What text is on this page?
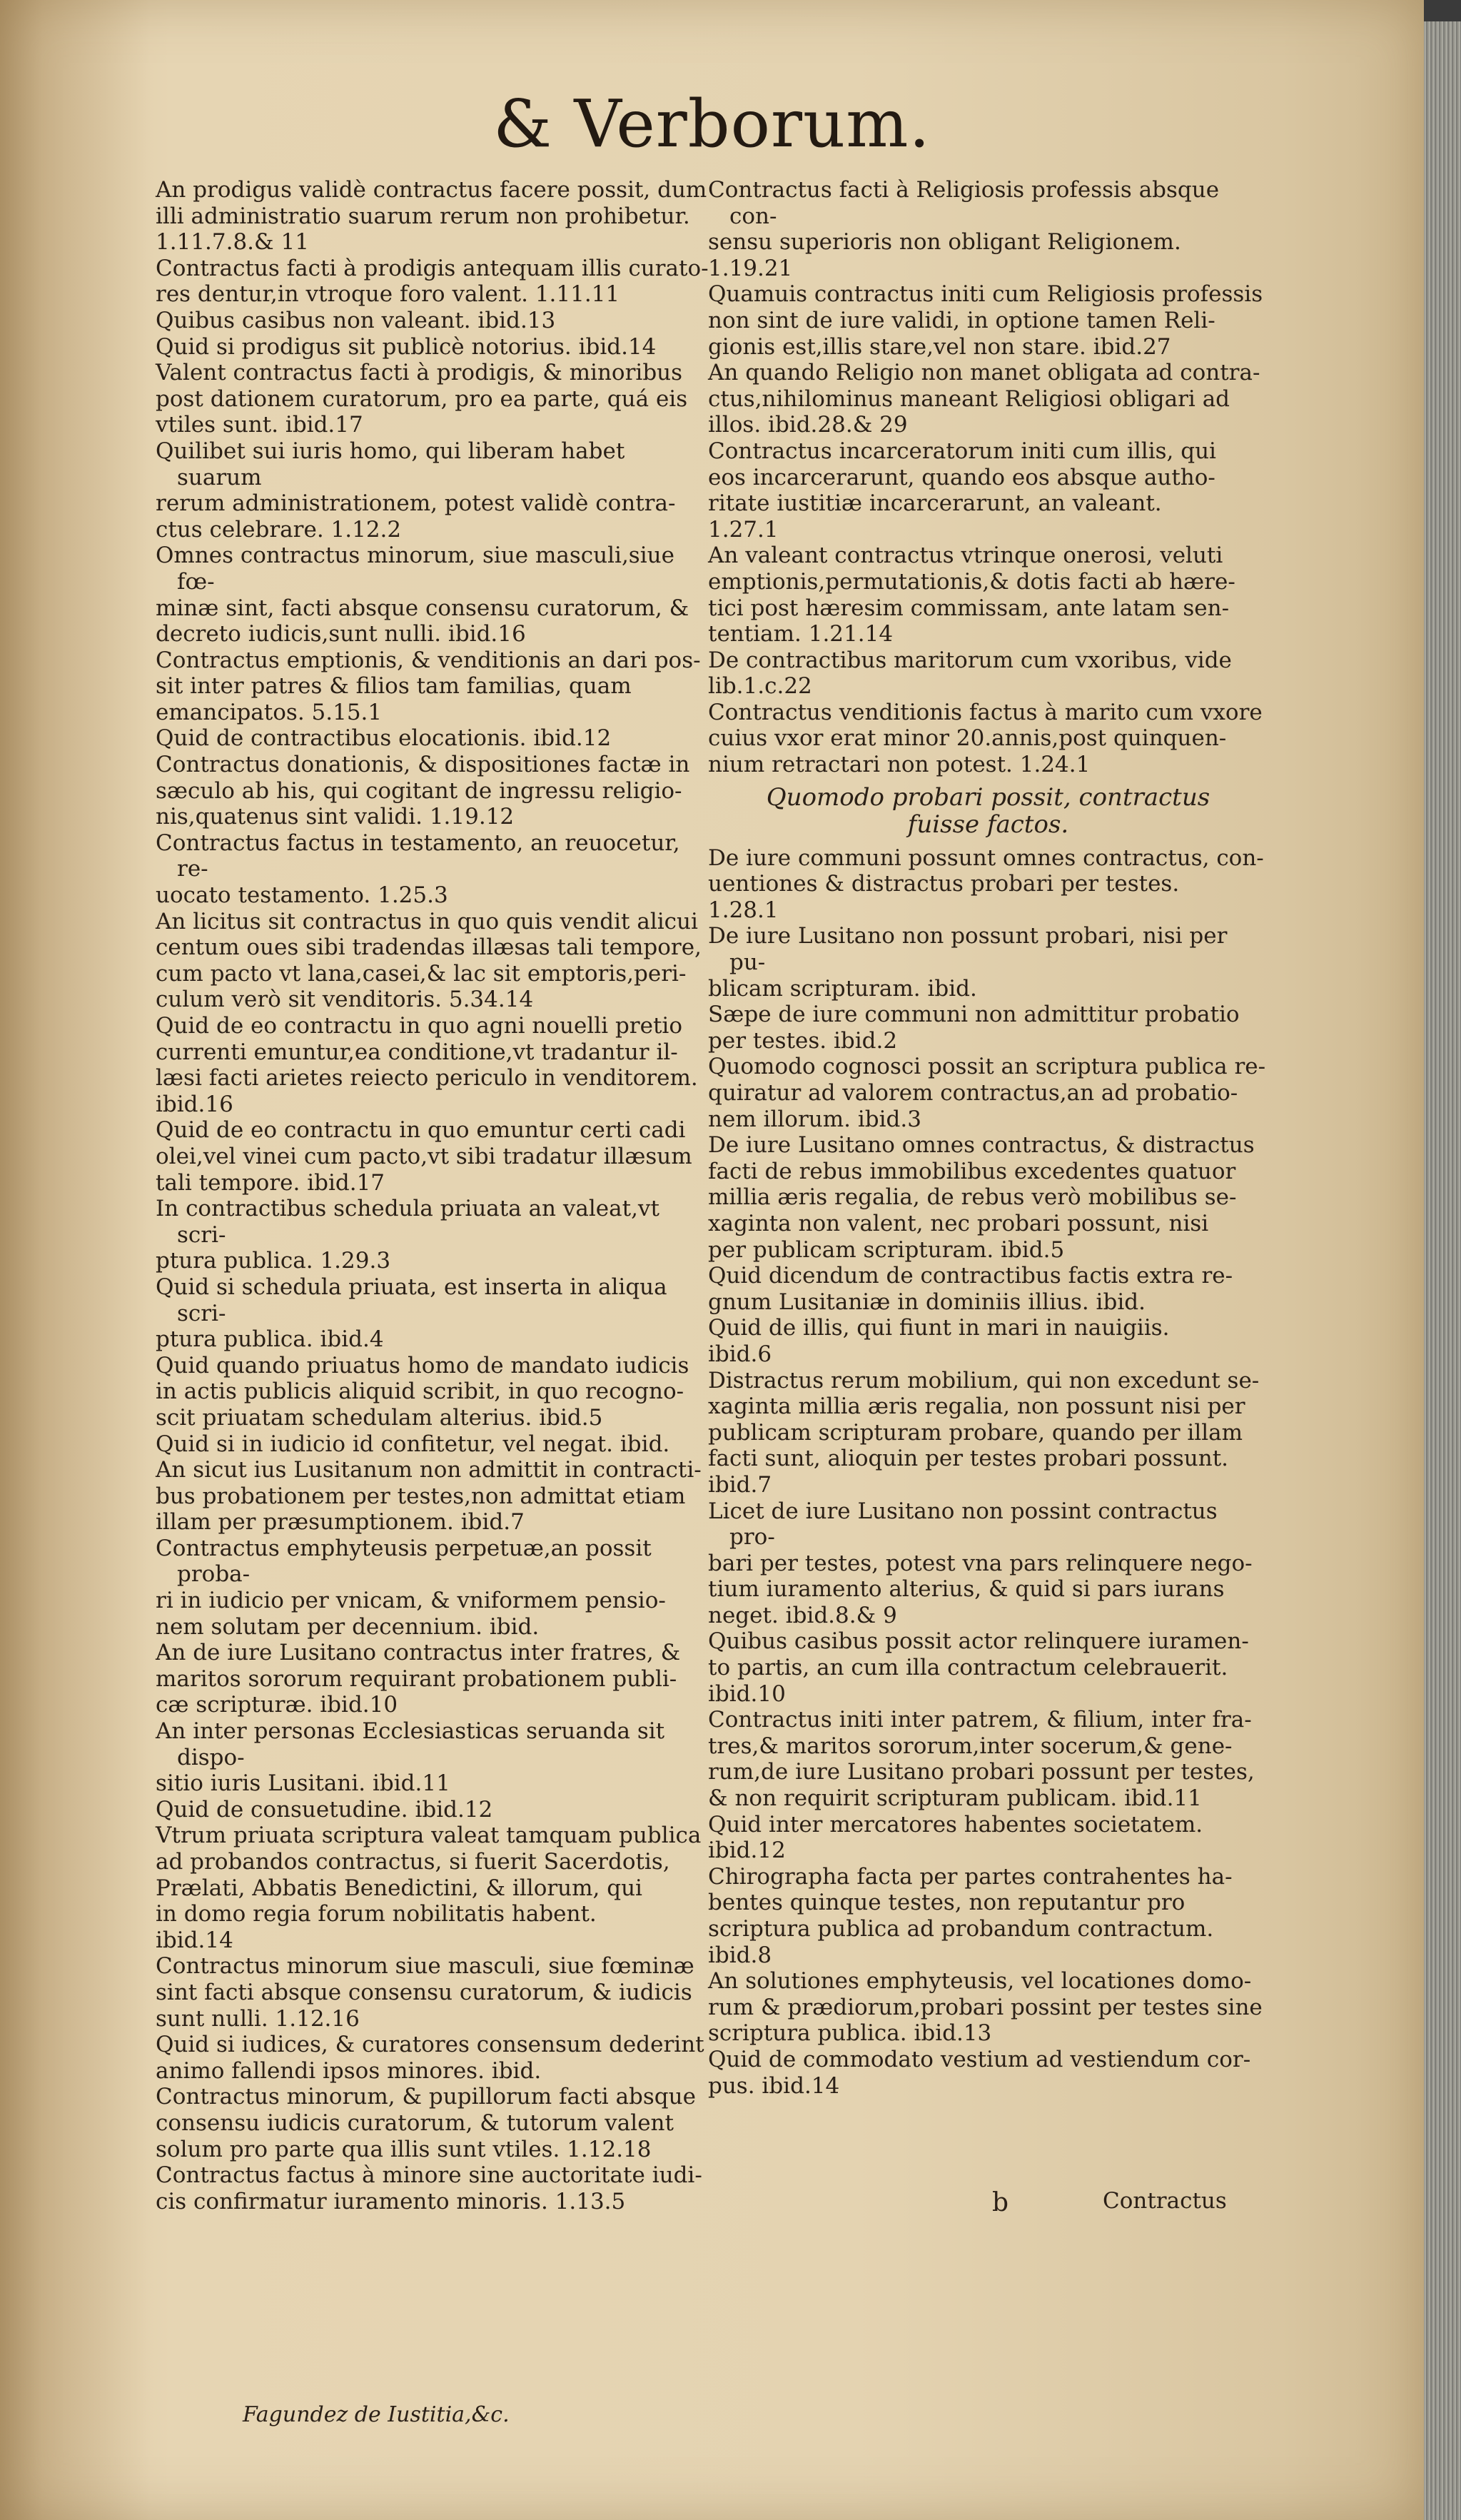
& Verborum.
An prodigus validè contractus facere possit, dum
illi administratio suarum rerum non prohibetur.
1.11.7.8.& 11
Contractus facti à prodigis antequam illis curato-
res dentur,in vtroque foro valent. 1.11.11
Quibus casibus non valeant. ibid.13
Quid si prodigus sit publicè notorius. ibid.14
Valent contractus facti à prodigis, & minoribus
post dationem curatorum, pro ea parte, quá eis
vtiles sunt. ibid.17
Quilibet sui iuris homo, qui liberam habet suarum
rerum administrationem, potest validè contra-
ctus celebrare. 1.12.2
Omnes contractus minorum, siue masculi,siue fœ-
minæ sint, facti absque consensu curatorum, &
decreto iudicis,sunt nulli. ibid.16
Contractus emptionis, & venditionis an dari pos-
sit inter patres & filios tam familias, quam
emancipatos. 5.15.1
Quid de contractibus elocationis. ibid.12
Contractus donationis, & dispositiones factæ in
sæculo ab his, qui cogitant de ingressu religio-
nis,quatenus sint validi. 1.19.12
Contractus factus in testamento, an reuocetur, re-
uocato testamento. 1.25.3
An licitus sit contractus in quo quis vendit alicui
centum oues sibi tradendas illæsas tali tempore,
cum pacto vt lana,casei,& lac sit emptoris,peri-
culum verò sit venditoris. 5.34.14
Quid de eo contractu in quo agni nouelli pretio
currenti emuntur,ea conditione,vt tradantur il-
læsi facti arietes reiecto periculo in venditorem.
ibid.16
Quid de eo contractu in quo emuntur certi cadi
olei,vel vinei cum pacto,vt sibi tradatur illæsum
tali tempore. ibid.17
In contractibus schedula priuata an valeat,vt scri-
ptura publica. 1.29.3
Quid si schedula priuata, est inserta in aliqua scri-
ptura publica. ibid.4
Quid quando priuatus homo de mandato iudicis
in actis publicis aliquid scribit, in quo recogno-
scit priuatam schedulam alterius. ibid.5
Quid si in iudicio id confitetur, vel negat. ibid.
An sicut ius Lusitanum non admittit in contracti-
bus probationem per testes,non admittat etiam
illam per præsumptionem. ibid.7
Contractus emphyteusis perpetuæ,an possit proba-
ri in iudicio per vnicam, & vniformem pensio-
nem solutam per decennium. ibid.
An de iure Lusitano contractus inter fratres, &
maritos sororum requirant probationem publi-
cæ scripturæ. ibid.10
An inter personas Ecclesiasticas seruanda sit dispo-
sitio iuris Lusitani. ibid.11
Quid de consuetudine. ibid.12
Vtrum priuata scriptura valeat tamquam publica
ad probandos contractus, si fuerit Sacerdotis,
Prælati, Abbatis Benedictini, & illorum, qui
in domo regia forum nobilitatis habent.
ibid.14
Contractus minorum siue masculi, siue fœminæ
sint facti absque consensu curatorum, & iudicis
sunt nulli. 1.12.16
Quid si iudices, & curatores consensum dederint
animo fallendi ipsos minores. ibid.
Contractus minorum, & pupillorum facti absque
consensu iudicis curatorum, & tutorum valent
solum pro parte qua illis sunt vtiles. 1.12.18
Contractus factus à minore sine auctoritate iudi-
cis confirmatur iuramento minoris. 1.13.5
Contractus facti à Religiosis professis absque con-
sensu superioris non obligant Religionem.
1.19.21
Quamuis contractus initi cum Religiosis professis
non sint de iure validi, in optione tamen Reli-
gionis est,illis stare,vel non stare. ibid.27
An quando Religio non manet obligata ad contra-
ctus,nihilominus maneant Religiosi obligari ad
illos. ibid.28.& 29
Contractus incarceratorum initi cum illis, qui
eos incarcerarunt, quando eos absque autho-
ritate iustitiæ incarcerarunt, an valeant.
1.27.1
An valeant contractus vtrinque onerosi, veluti
emptionis,permutationis,& dotis facti ab hære-
tici post hæresim commissam, ante latam sen-
tentiam. 1.21.14
De contractibus maritorum cum vxoribus, vide
lib.1.c.22
Contractus venditionis factus à marito cum vxore
cuius vxor erat minor 20.annis,post quinquen-
nium retractari non potest. 1.24.1
Quomodo probari possit, contractus
fuisse factos.
De iure communi possunt omnes contractus, con-
uentiones & distractus probari per testes.
1.28.1
De iure Lusitano non possunt probari, nisi per pu-
blicam scripturam. ibid.
Sæpe de iure communi non admittitur probatio
per testes. ibid.2
Quomodo cognosci possit an scriptura publica re-
quiratur ad valorem contractus,an ad probatio-
nem illorum. ibid.3
De iure Lusitano omnes contractus, & distractus
facti de rebus immobilibus excedentes quatuor
millia æris regalia, de rebus verò mobilibus se-
xaginta non valent, nec probari possunt, nisi
per publicam scripturam. ibid.5
Quid dicendum de contractibus factis extra re-
gnum Lusitaniæ in dominiis illius. ibid.
Quid de illis, qui fiunt in mari in nauigiis.
ibid.6
Distractus rerum mobilium, qui non excedunt se-
xaginta millia æris regalia, non possunt nisi per
publicam scripturam probare, quando per illam
facti sunt, alioquin per testes probari possunt.
ibid.7
Licet de iure Lusitano non possint contractus pro-
bari per testes, potest vna pars relinquere nego-
tium iuramento alterius, & quid si pars iurans
neget. ibid.8.& 9
Quibus casibus possit actor relinquere iuramen-
to partis, an cum illa contractum celebrauerit.
ibid.10
Contractus initi inter patrem, & filium, inter fra-
tres,& maritos sororum,inter socerum,& gene-
rum,de iure Lusitano probari possunt per testes,
& non requirit scripturam publicam. ibid.11
Quid inter mercatores habentes societatem.
ibid.12
Chirographa facta per partes contrahentes ha-
bentes quinque testes, non reputantur pro
scriptura publica ad probandum contractum.
ibid.8
An solutiones emphyteusis, vel locationes domo-
rum & prædiorum,probari possint per testes sine
scriptura publica. ibid.13
Quid de commodato vestium ad vestiendum cor-
pus. ibid.14
Fagundez de Iustitia,&c.
b	Contractus
